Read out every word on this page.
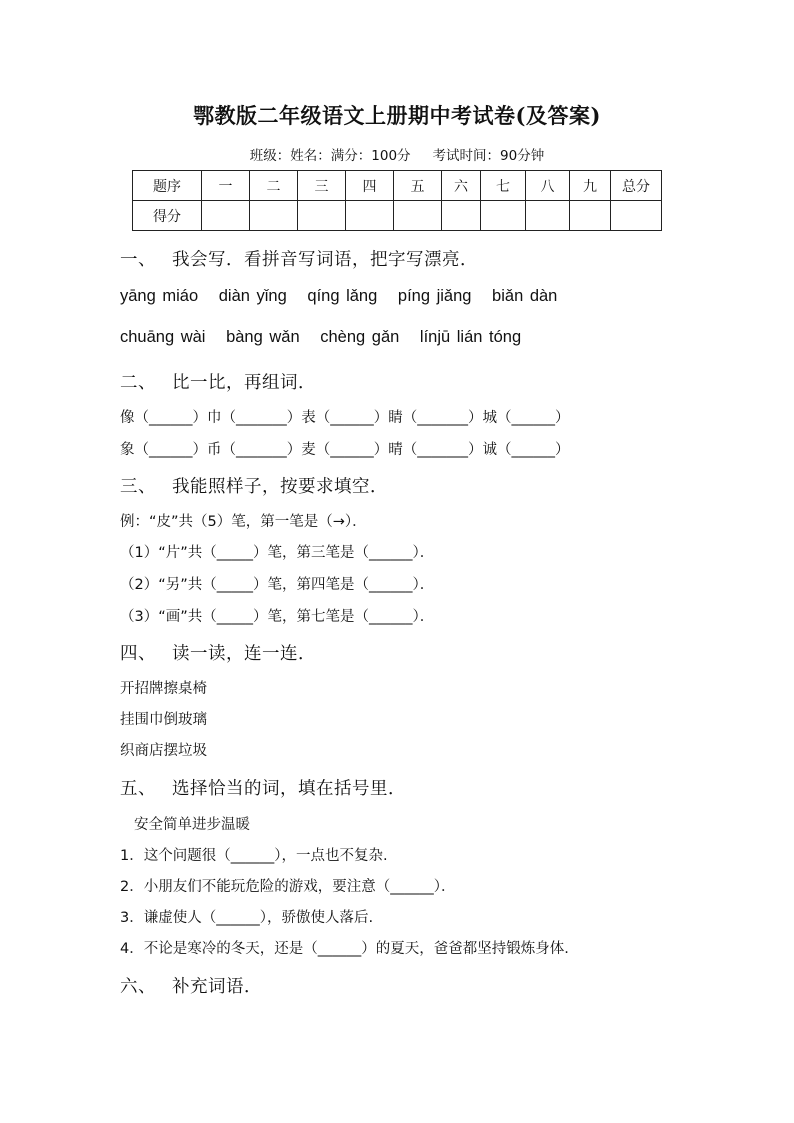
鄂教版二年级语文上册期中考试卷(及答案)
班级：姓名：满分：100分 考试时间：90分钟
题序	一	二	三	四	五	六	七	八	九	总分
得分										
一、 我会写．看拼音写词语，把字写漂亮．
yāng miáo diàn yǐng qíng lǎng píng jiǎng biǎn dàn
chuāng wài bàng wǎn chèng gǎn línjū lián tóng
二、 比一比，再组词．
像（______）巾（_______）表（______）睛（_______）城（______）
象（______）币（_______）麦（______）晴（_______）诚（______）
三、 我能照样子，按要求填空．
例：“皮”共（5）笔，第一笔是（→）．
（1）“片”共（_____）笔，第三笔是（______）．
（2）“另”共（_____）笔，第四笔是（______）．
（3）“画”共（_____）笔，第七笔是（______）．
四、 读一读，连一连．
开招牌擦桌椅
挂围巾倒玻璃
织商店摆垃圾
五、 选择恰当的词，填在括号里．
安全简单进步温暖
1．这个问题很（______），一点也不复杂.
2．小朋友们不能玩危险的游戏，要注意（______）．
3．谦虚使人（______），骄傲使人落后.
4．不论是寒冷的冬天，还是（______）的夏天，爸爸都坚持锻炼身体.
六、 补充词语．
